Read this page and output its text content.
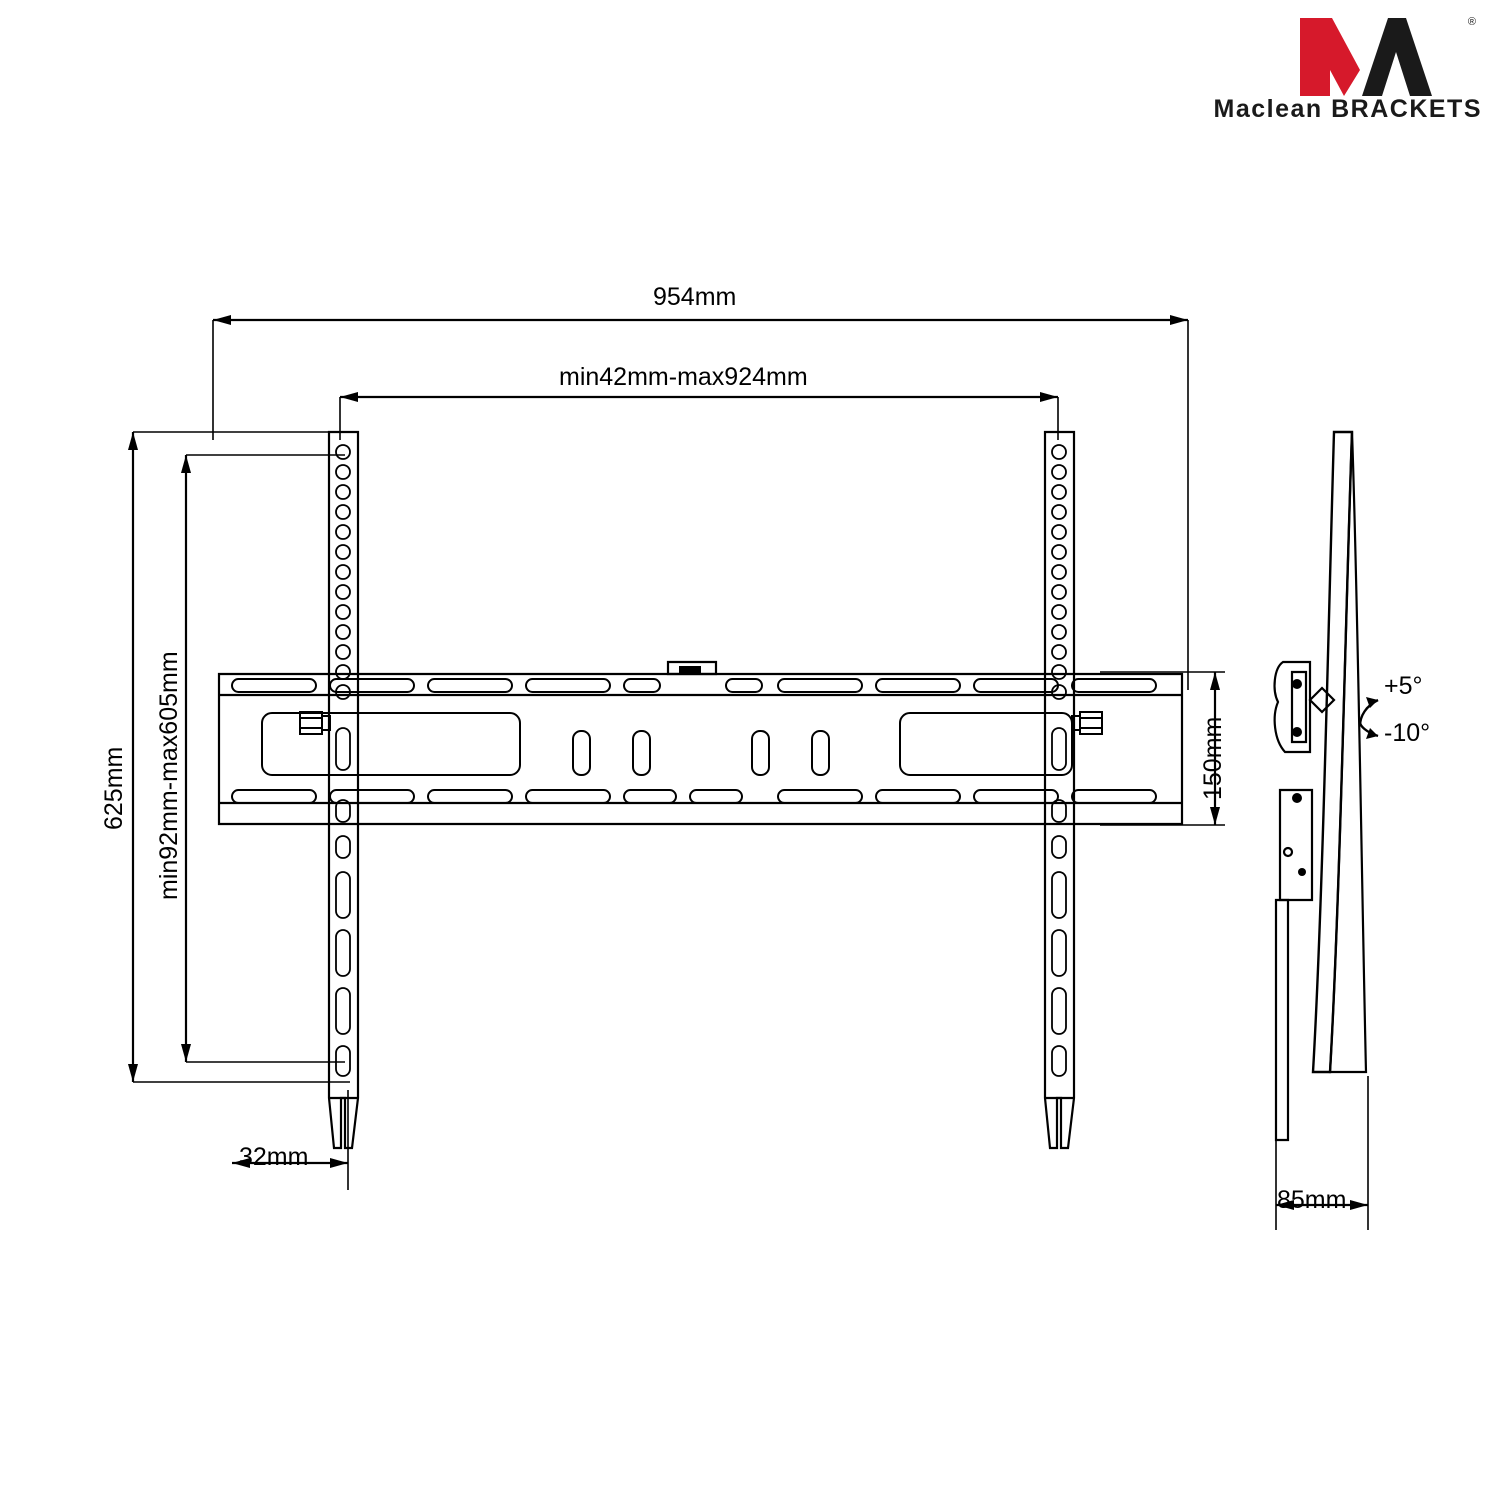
®
Maclean BRACKETS
954mm
min42mm-max924mm
625mm min92mm-max605mm	150mm
32mm
85mm
+5°
-10°
